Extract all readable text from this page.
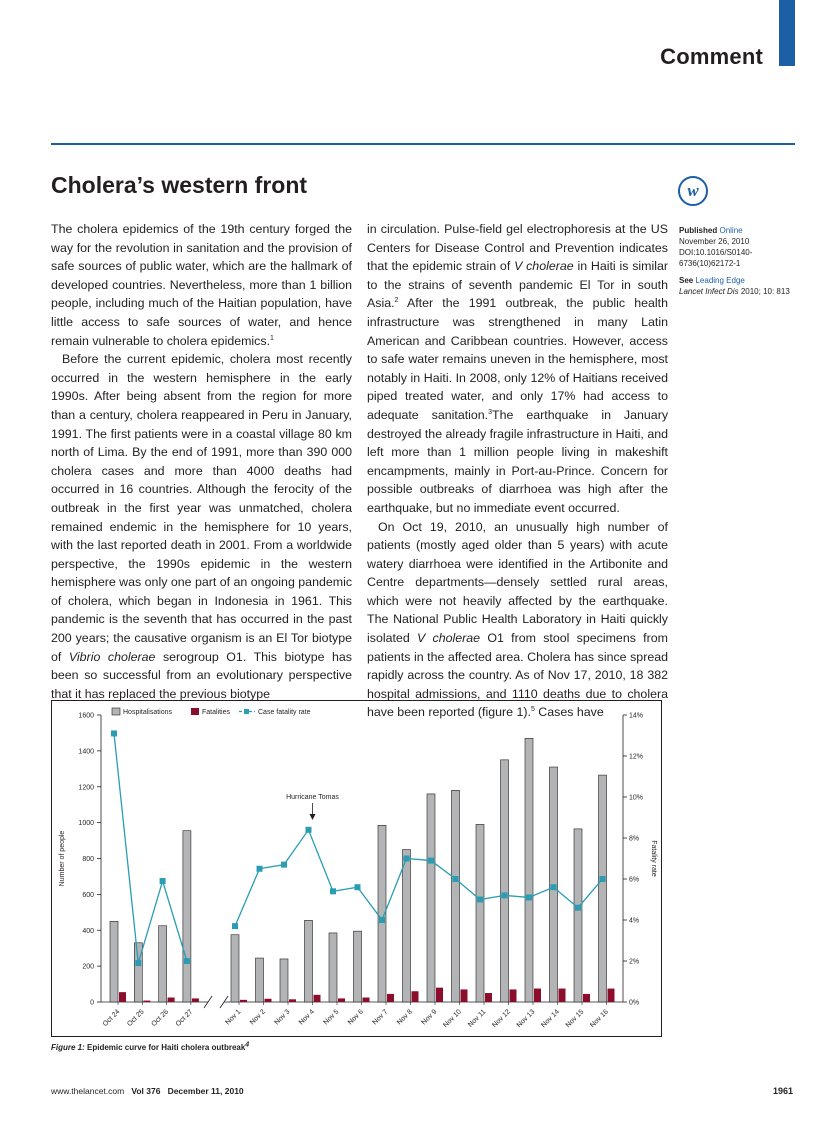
Comment
Cholera’s western front	w

The cholera epidemics of the 19th century forged the way for the revolution in sanitation and the provision of safe sources of public water, which are the hallmark of developed countries. Nevertheless, more than 1 billion people, including much of the Haitian population, have little access to safe sources of water, and hence remain vulnerable to cholera epidemics.$^1$

Before the current epidemic, cholera most recently occurred in the western hemisphere in the early 1990s. After being absent from the region for more than a century, cholera reappeared in Peru in January, 1991. The first patients were in a coastal village 80 km north of Lima. By the end of 1991, more than 390 000 cholera cases and more than 4000 deaths had occurred in 16 countries. Although the ferocity of the outbreak in the first year was unmatched, cholera remained endemic in the hemisphere for 10 years, with the last reported death in 2001. From a worldwide perspective, the 1990s epidemic in the western hemisphere was only one part of an ongoing pandemic of cholera, which began in Indonesia in 1961. This pandemic is the seventh that has occurred in the past 200 years; the causative organism is an El Tor biotype of Vibrio cholerae serogroup O1. This biotype has been so successful from an evolutionary perspective that it has replaced the previous biotype

in circulation. Pulse-field gel electrophoresis at the US Centers for Disease Control and Prevention indicates that the epidemic strain of V cholerae in Haiti is similar to the strains of seventh pandemic El Tor in south Asia.$^2$ After the 1991 outbreak, the public health infrastructure was strengthened in many Latin American and Caribbean countries. However, access to safe water remains uneven in the hemisphere, most notably in Haiti. In 2008, only 12% of Haitians received piped treated water, and only 17% had access to adequate sanitation.$^3$The earthquake in January destroyed the already fragile infrastructure in Haiti, and left more than 1 million people living in makeshift encampments, mainly in Port-au-Prince. Concern for possible outbreaks of diarrhoea was high after the earthquake, but no immediate event occurred.

On Oct 19, 2010, an unusually high number of patients (mostly aged older than 5 years) with acute watery diarrhoea were identified in the Artibonite and Centre departments—densely settled rural areas, which were not heavily affected by the earthquake. The National Public Health Laboratory in Haiti quickly isolated V cholerae O1 from stool specimens from patients in the affected area. Cholera has since spread rapidly across the country. As of Nov 17, 2010, 18 382 hospital admissions, and 1110 deaths due to cholera have been reported (figure 1).$^5$ Cases have

Published Online
November 26, 2010
DOI:10.1016/S0140-6736(10)62172-1
See Leading Edge
Lancet Infect Dis 2010; 10: 813
0
200
400
600
800
1000
1200
1400
1600
0%
2%
4%
6%
8%
10%
12%
14%
Number of people	Fatality rate
Oct 24 Oct 25 Oct 26 Oct 27	Nov 1 Nov 2 Nov 3 Nov 4 Nov 5 Nov 6 Nov 7 Nov 8 Nov 9 Nov 10 Nov 11 Nov 12 Nov 13 Nov 14 Nov 15 Nov 16
Hurricane Tomas
Hospitalisations	Fatalities	Case fatality rate
Figure 1: Epidemic curve for Haiti cholera outbreak$^4$
www.thelancet.com Vol 376 December 11, 2010	1961
